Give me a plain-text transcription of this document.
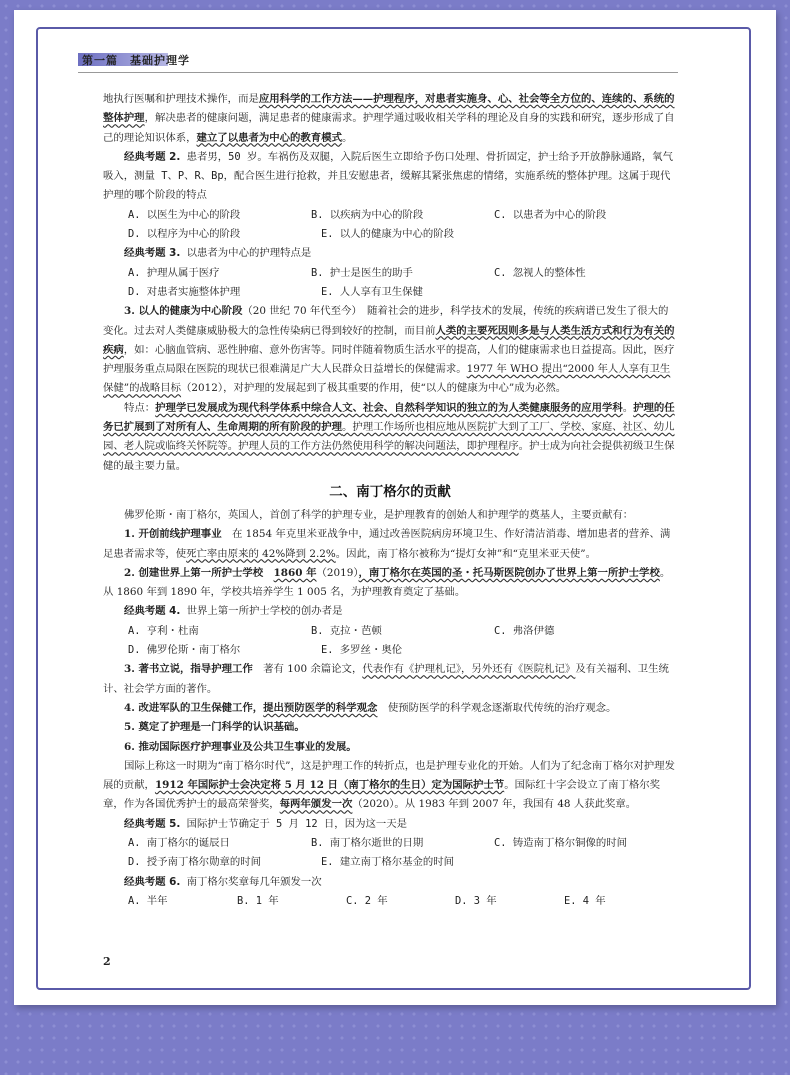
第一篇　基础护理学

地执行医嘱和护理技术操作，而是应用科学的工作方法——护理程序，对患者实施身、心、社会等全方位的、连续的、系统的整体护理，解决患者的健康问题，满足患者的健康需求。护理学通过吸收相关学科的理论及自身的实践和研究，逐步形成了自己的理论知识体系，建立了以患者为中心的教育模式。

经典考题 2. 患者男，50 岁。车祸伤及双腿，入院后医生立即给予伤口处理、骨折固定，护士给予开放静脉通路，氧气吸入，测量 T、P、R、Bp，配合医生进行抢救，并且安慰患者，缓解其紧张焦虑的情绪，实施系统的整体护理。这属于现代护理的哪个阶段的特点

A. 以医生为中心的阶段	B. 以疾病为中心的阶段	C. 以患者为中心的阶段
D. 以程序为中心的阶段	E. 以人的健康为中心的阶段

经典考题 3. 以患者为中心的护理特点是

A. 护理从属于医疗	B. 护士是医生的助手	C. 忽视人的整体性
D. 对患者实施整体护理	E. 人人享有卫生保健

3. 以人的健康为中心阶段（20 世纪 70 年代至今）　随着社会的进步，科学技术的发展，传统的疾病谱已发生了很大的变化。过去对人类健康威胁极大的急性传染病已得到较好的控制，而目前人类的主要死因则多是与人类生活方式和行为有关的疾病，如：心脑血管病、恶性肿瘤、意外伤害等。同时伴随着物质生活水平的提高，人们的健康需求也日益提高。因此，医疗护理服务重点局限在医院的现状已很难满足广大人民群众日益增长的保健需求。1977 年 WHO 提出“2000 年人人享有卫生保健”的战略目标（2012），对护理的发展起到了极其重要的作用，使“以人的健康为中心”成为必然。

特点：护理学已发展成为现代科学体系中综合人文、社会、自然科学知识的独立的为人类健康服务的应用学科。护理的任务已扩展到了对所有人、生命周期的所有阶段的护理。护理工作场所也相应地从医院扩大到了工厂、学校、家庭、社区、幼儿园、老人院或临终关怀院等。护理人员的工作方法仍然使用科学的解决问题法，即护理程序。护士成为向社会提供初级卫生保健的最主要力量。

二、南丁格尔的贡献

佛罗伦斯・南丁格尔，英国人，首创了科学的护理专业，是护理教育的创始人和护理学的奠基人，主要贡献有：

1. 开创前线护理事业　在 1854 年克里米亚战争中，通过改善医院病房环境卫生、作好清洁消毒、增加患者的营养、满足患者需求等，使死亡率由原来的 42%降到 2.2%。因此，南丁格尔被称为“提灯女神”和“克里米亚天使”。

2. 创建世界上第一所护士学校　 1860 年（2019），南丁格尔在英国的圣・托马斯医院创办了世界上第一所护士学校。从 1860 年到 1890 年，学校共培养学生 1 005 名，为护理教育奠定了基础。

经典考题 4. 世界上第一所护士学校的创办者是

A. 亨利・杜南	B. 克拉・芭顿	C. 弗洛伊德
D. 佛罗伦斯・南丁格尔	E. 多罗丝・奥伦

3. 著书立说，指导护理工作　著有 100 余篇论文，代表作有《护理札记》，另外还有《医院札记》及有关福利、卫生统计、社会学方面的著作。

4. 改进军队的卫生保健工作，提出预防医学的科学观念　使预防医学的科学观念逐渐取代传统的治疗观念。

5. 奠定了护理是一门科学的认识基础。

6. 推动国际医疗护理事业及公共卫生事业的发展。

国际上称这一时期为“南丁格尔时代”，这是护理工作的转折点，也是护理专业化的开始。人们为了纪念南丁格尔对护理发展的贡献，1912 年国际护士会决定将 5 月 12 日（南丁格尔的生日）定为国际护士节。国际红十字会设立了南丁格尔奖章，作为各国优秀护士的最高荣誉奖，每两年颁发一次（2020）。从 1983 年到 2007 年，我国有 48 人获此奖章。

经典考题 5. 国际护士节确定于 5 月 12 日，因为这一天是

A. 南丁格尔的诞辰日	B. 南丁格尔逝世的日期	C. 铸造南丁格尔铜像的时间
D. 授予南丁格尔勋章的时间	E. 建立南丁格尔基金的时间

经典考题 6. 南丁格尔奖章每几年颁发一次

A. 半年	B. 1 年	C. 2 年	D. 3 年	E. 4 年
2
